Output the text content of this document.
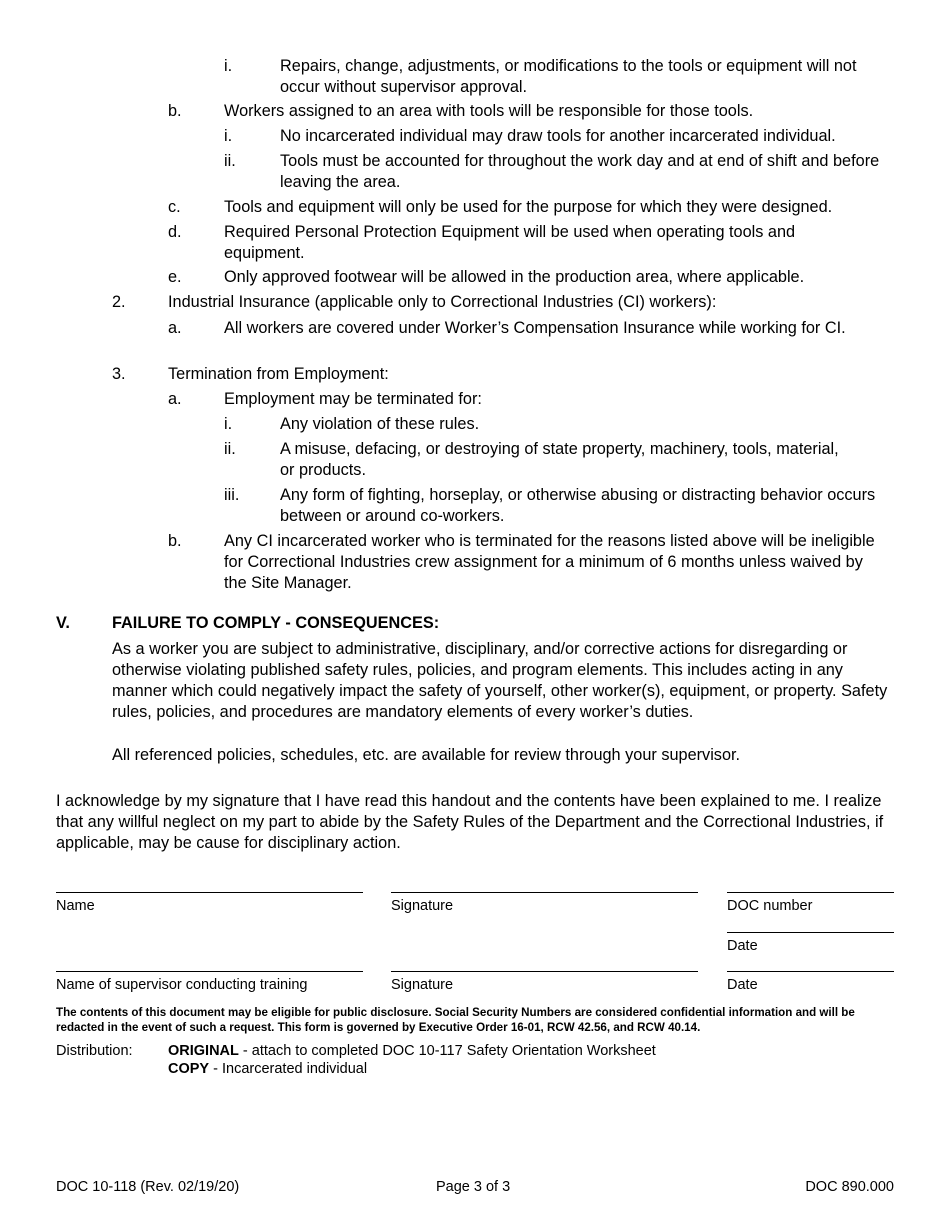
i.	Repairs, change, adjustments, or modifications to the tools or equipment will not occur without supervisor approval.
b.	Workers assigned to an area with tools will be responsible for those tools.
i.	No incarcerated individual may draw tools for another incarcerated individual.
ii.	Tools must be accounted for throughout the work day and at end of shift and before leaving the area.
c.	Tools and equipment will only be used for the purpose for which they were designed.
d.	Required Personal Protection Equipment will be used when operating tools and equipment.
e.	Only approved footwear will be allowed in the production area, where applicable.
2.	Industrial Insurance (applicable only to Correctional Industries (CI) workers):
a.	All workers are covered under Worker’s Compensation Insurance while working for CI.
3.	Termination from Employment:
a.	Employment may be terminated for:
i.	Any violation of these rules.
ii.	A misuse, defacing, or destroying of state property, machinery, tools, material, or products.
iii.	Any form of fighting, horseplay, or otherwise abusing or distracting behavior occurs between or around co-workers.
b.	Any CI incarcerated worker who is terminated for the reasons listed above will be ineligible for Correctional Industries crew assignment for a minimum of 6 months unless waived by the Site Manager.
V.	FAILURE TO COMPLY - CONSEQUENCES:
As a worker you are subject to administrative, disciplinary, and/or corrective actions for disregarding or otherwise violating published safety rules, policies, and program elements. This includes acting in any manner which could negatively impact the safety of yourself, other worker(s), equipment, or property. Safety rules, policies, and procedures are mandatory elements of every worker’s duties.
All referenced policies, schedules, etc. are available for review through your supervisor.
I acknowledge by my signature that I have read this handout and the contents have been explained to me. I realize that any willful neglect on my part to abide by the Safety Rules of the Department and the Correctional Industries, if applicable, may be cause for disciplinary action.
Name	Signature	DOC number
Date
Name of supervisor conducting training	Signature	Date
The contents of this document may be eligible for public disclosure. Social Security Numbers are considered confidential information and will be redacted in the event of such a request. This form is governed by Executive Order 16-01, RCW 42.56, and RCW 40.14.
Distribution: ORIGINAL - attach to completed DOC 10-117 Safety Orientation Worksheet
COPY - Incarcerated individual
DOC 10-118 (Rev. 02/19/20)	Page 3 of 3	DOC 890.000
